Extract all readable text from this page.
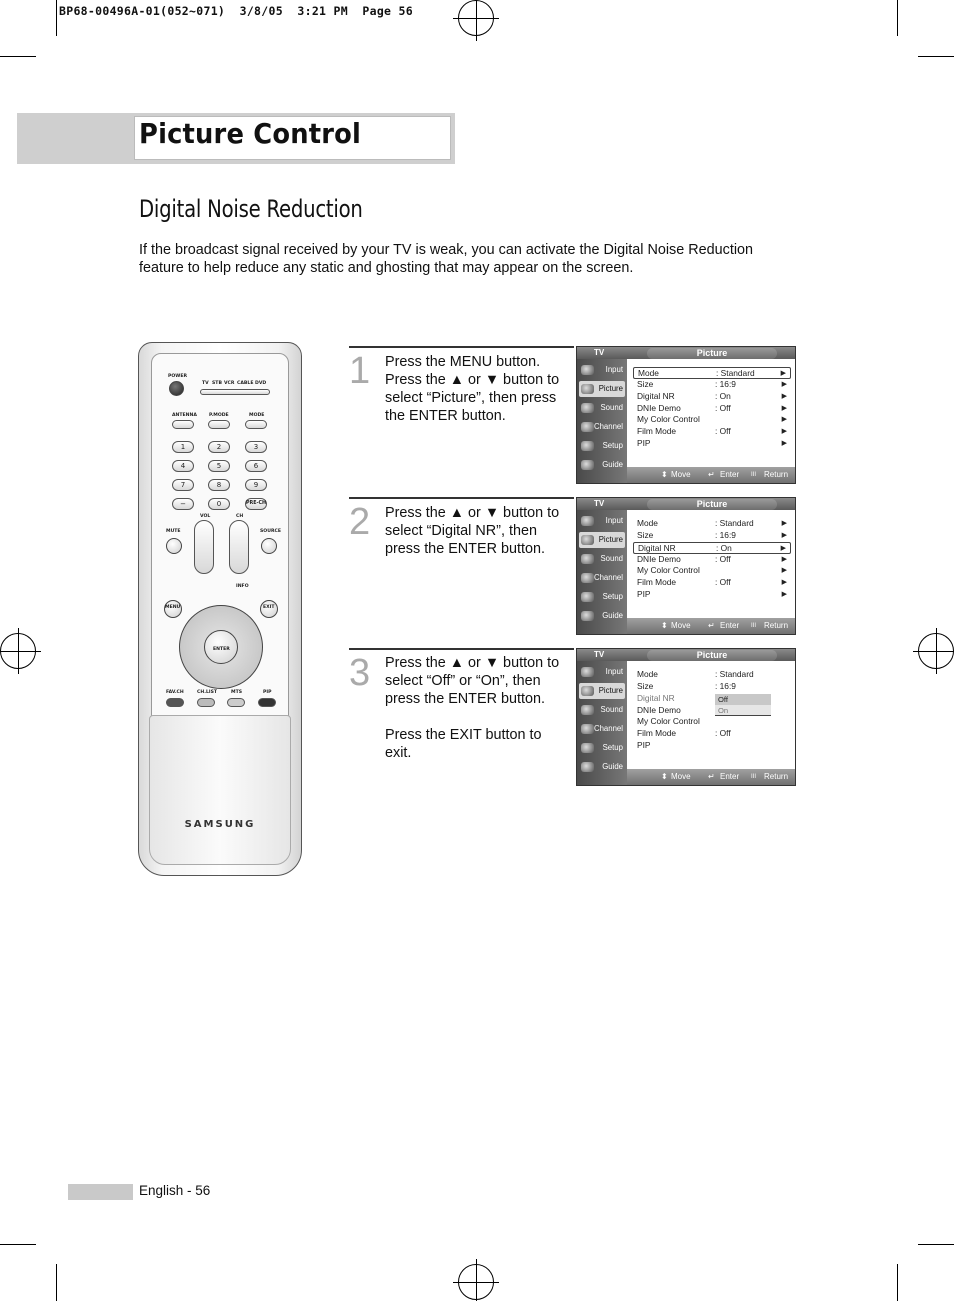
BP68-00496A-01(052~071)  3/8/05  3:21 PM  Page 56
Picture Control
Digital Noise Reduction
If the broadcast signal received by your TV is weak, you can activate the Digital Noise Reduction feature to help reduce any static and ghosting that may appear on the screen.
POWER
TV STB VCR CABLE DVD
ANTENNA	P.MODE	MODE
1	2	3
4	5	6
7	8	9
−	0	PRE-CH
MUTE
VOL	CH
SOURCE
INFO
MENU	EXIT
ENTER
FAV.CH	CH.LIST	MTS	PIP
SAMSUNG
1
2
3
Press the MENU button.
Press the ▲ or ▼ button to select “Picture”, then press the ENTER button.
Press the ▲ or ▼ button to select “Digital NR”, then press the ENTER button.
Press the ▲ or ▼ button to select “Off” or “On”, then press the ENTER button.

Press the EXIT button to exit.
TV	Picture
Input
Picture
Sound
Channel
Setup
Guide
Mode	: Standard	▶
Size	: 16:9	▶
Digital NR	: On	▶
DNIe Demo	: Off	▶
My Color Control	▶
Film Mode	: Off	▶
PIP	▶
⬍ Move ↵ Enter III Return
TV	Picture
Input
Picture
Sound
Channel
Setup
Guide
Mode	: Standard	▶
Size	: 16:9	▶
Digital NR	: On	▶
DNIe Demo	: Off	▶
My Color Control	▶
Film Mode	: Off	▶
PIP	▶
⬍ Move ↵ Enter III Return
TV	Picture
Input
Picture
Sound
Channel
Setup
Guide
Mode	: Standard
Size	: 16:9
Digital NR	Off
On
DNIe Demo
My Color Control
Film Mode	: Off
PIP
⬍ Move ↵ Enter III Return
English - 56
